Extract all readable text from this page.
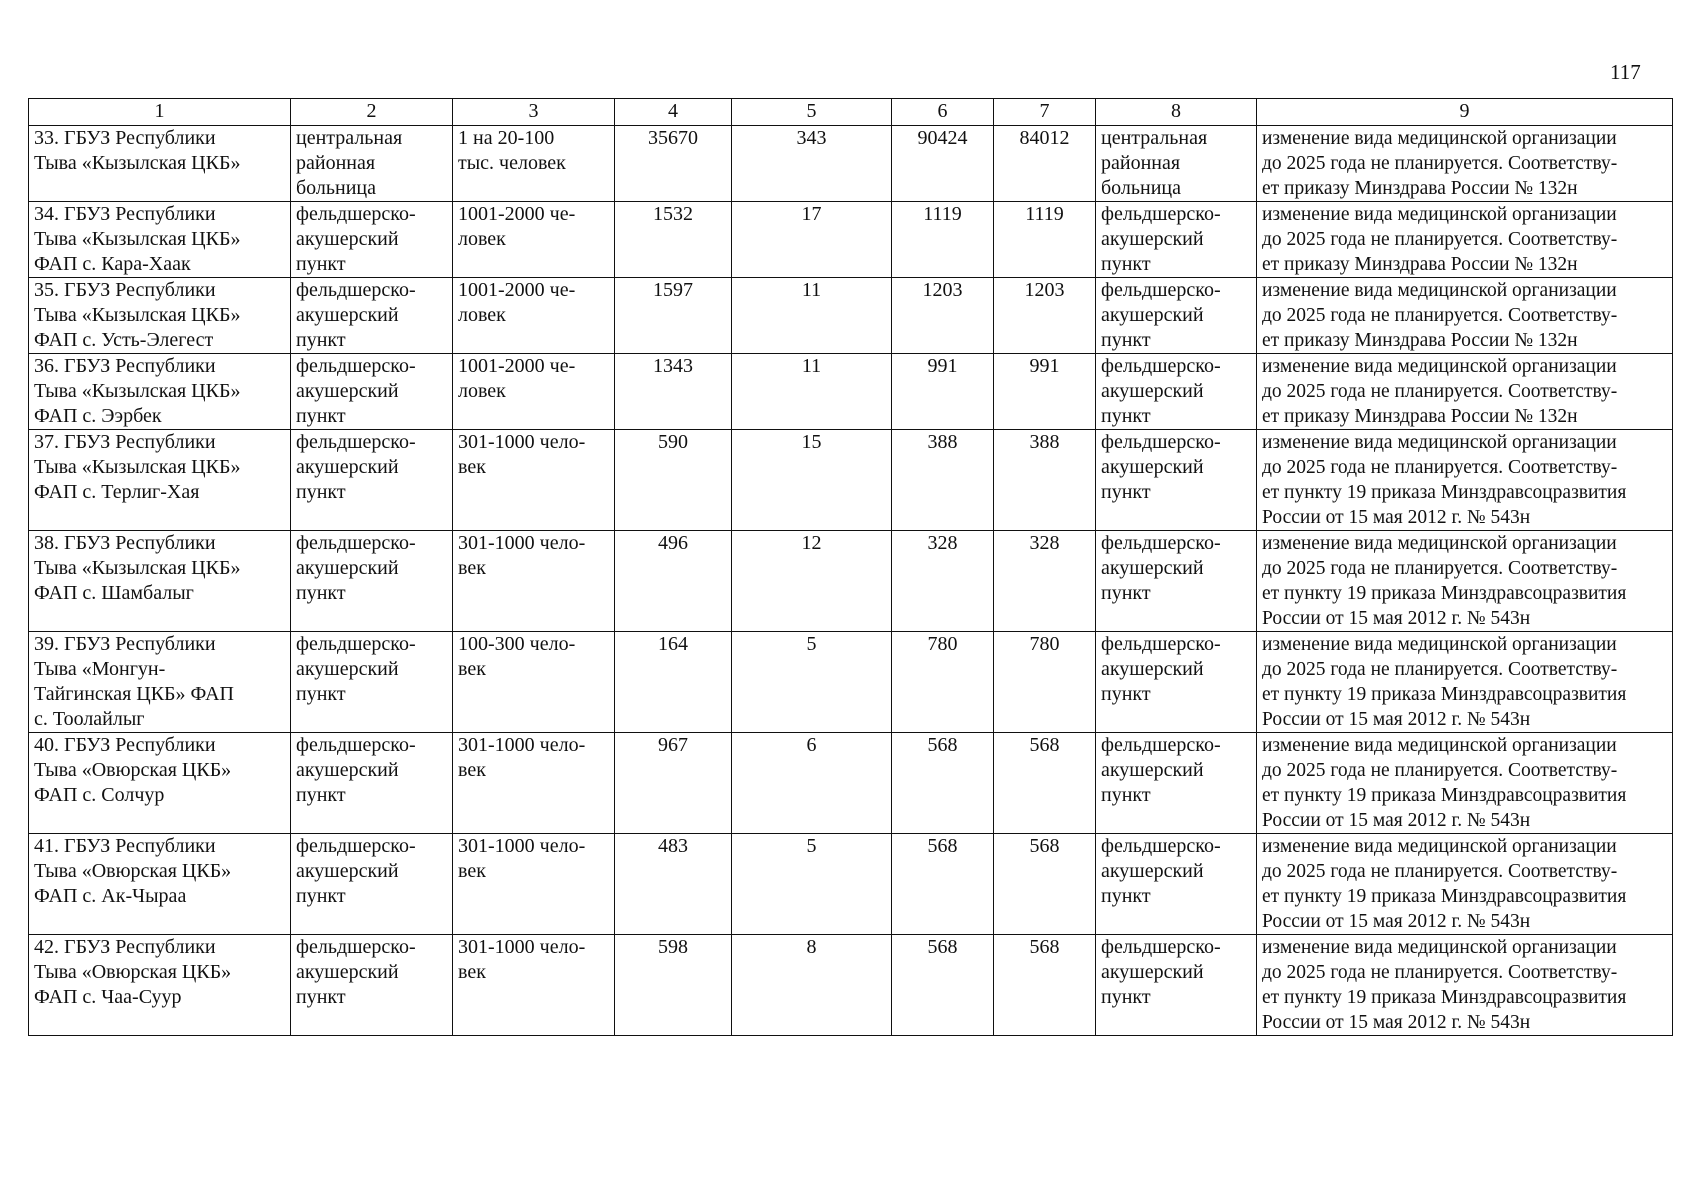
117
1	2	3	4	5	6	7	8	9
33. ГБУЗ Республики
Тыва «Кызылская ЦКБ»	центральная
районная
больница	1 на 20-100
тыс. человек	35670	343	90424	84012	центральная
районная
больница	изменение вида медицинской организации
до 2025 года не планируется. Соответству-
ет приказу Минздрава России № 132н
34. ГБУЗ Республики
Тыва «Кызылская ЦКБ»
ФАП с. Кара-Хаак	фельдшерско-
акушерский
пункт	1001-2000 че-
ловек	1532	17	1119	1119	фельдшерско-
акушерский
пункт	изменение вида медицинской организации
до 2025 года не планируется. Соответству-
ет приказу Минздрава России № 132н
35. ГБУЗ Республики
Тыва «Кызылская ЦКБ»
ФАП с. Усть-Элегест	фельдшерско-
акушерский
пункт	1001-2000 че-
ловек	1597	11	1203	1203	фельдшерско-
акушерский
пункт	изменение вида медицинской организации
до 2025 года не планируется. Соответству-
ет приказу Минздрава России № 132н
36. ГБУЗ Республики
Тыва «Кызылская ЦКБ»
ФАП с. Ээрбек	фельдшерско-
акушерский
пункт	1001-2000 че-
ловек	1343	11	991	991	фельдшерско-
акушерский
пункт	изменение вида медицинской организации
до 2025 года не планируется. Соответству-
ет приказу Минздрава России № 132н
37. ГБУЗ Республики
Тыва «Кызылская ЦКБ»
ФАП с. Терлиг-Хая	фельдшерско-
акушерский
пункт	301-1000 чело-
век	590	15	388	388	фельдшерско-
акушерский
пункт	изменение вида медицинской организации
до 2025 года не планируется. Соответству-
ет пункту 19 приказа Минздравсоцразвития
России от 15 мая 2012 г. № 543н
38. ГБУЗ Республики
Тыва «Кызылская ЦКБ»
ФАП с. Шамбалыг	фельдшерско-
акушерский
пункт	301-1000 чело-
век	496	12	328	328	фельдшерско-
акушерский
пункт	изменение вида медицинской организации
до 2025 года не планируется. Соответству-
ет пункту 19 приказа Минздравсоцразвития
России от 15 мая 2012 г. № 543н
39. ГБУЗ Республики
Тыва «Монгун-
Тайгинская ЦКБ» ФАП
с. Тоолайлыг	фельдшерско-
акушерский
пункт	100-300 чело-
век	164	5	780	780	фельдшерско-
акушерский
пункт	изменение вида медицинской организации
до 2025 года не планируется. Соответству-
ет пункту 19 приказа Минздравсоцразвития
России от 15 мая 2012 г. № 543н
40. ГБУЗ Республики
Тыва «Овюрская ЦКБ»
ФАП с. Солчур	фельдшерско-
акушерский
пункт	301-1000 чело-
век	967	6	568	568	фельдшерско-
акушерский
пункт	изменение вида медицинской организации
до 2025 года не планируется. Соответству-
ет пункту 19 приказа Минздравсоцразвития
России от 15 мая 2012 г. № 543н
41. ГБУЗ Республики
Тыва «Овюрская ЦКБ»
ФАП с. Ак-Чыраа	фельдшерско-
акушерский
пункт	301-1000 чело-
век	483	5	568	568	фельдшерско-
акушерский
пункт	изменение вида медицинской организации
до 2025 года не планируется. Соответству-
ет пункту 19 приказа Минздравсоцразвития
России от 15 мая 2012 г. № 543н
42. ГБУЗ Республики
Тыва «Овюрская ЦКБ»
ФАП с. Чаа-Суур	фельдшерско-
акушерский
пункт	301-1000 чело-
век	598	8	568	568	фельдшерско-
акушерский
пункт	изменение вида медицинской организации
до 2025 года не планируется. Соответству-
ет пункту 19 приказа Минздравсоцразвития
России от 15 мая 2012 г. № 543н
